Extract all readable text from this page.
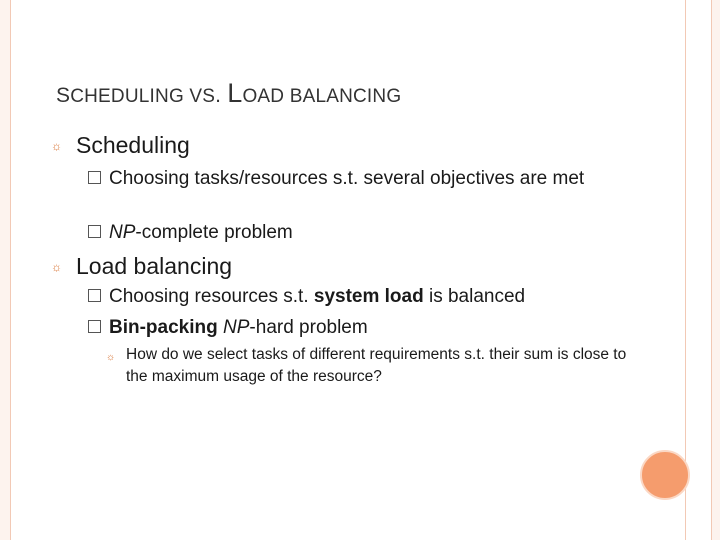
SCHEDULING VS. LOAD BALANCING
☼ Scheduling
Choosing tasks/resources s.t. several objectives are met
NP-complete problem
☼ Load balancing
Choosing resources s.t. system load is balanced
Bin-packing NP-hard problem
☼ How do we select tasks of different requirements s.t. their sum is close to the maximum usage of the resource?
